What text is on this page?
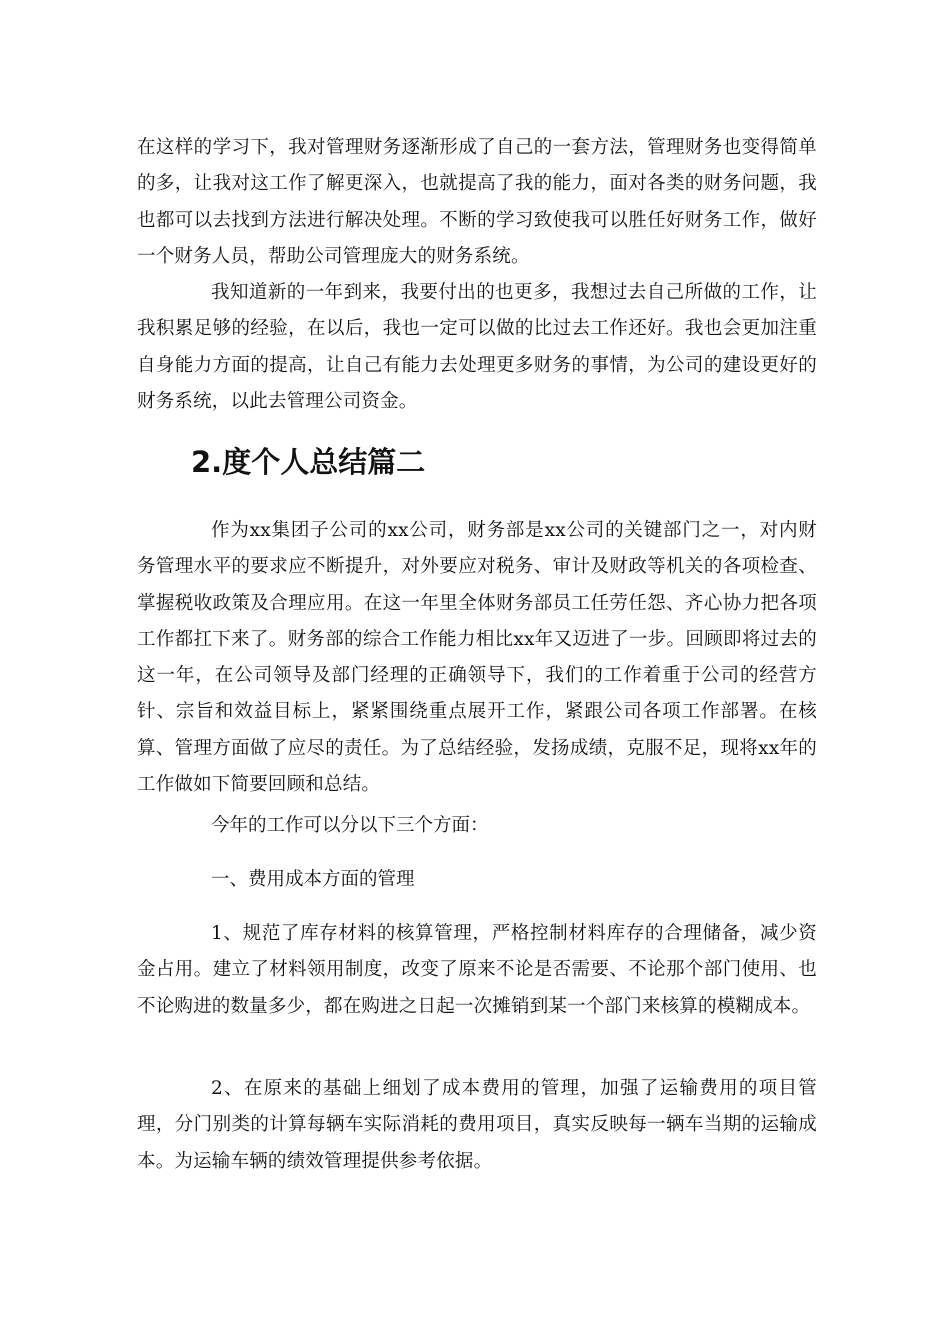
在这样的学习下，我对管理财务逐渐形成了自己的一套方法，管理财务也变得简单的多，让我对这工作了解更深入，也就提高了我的能力，面对各类的财务问题，我也都可以去找到方法进行解决处理。不断的学习致使我可以胜任好财务工作，做好一个财务人员，帮助公司管理庞大的财务系统。

我知道新的一年到来，我要付出的也更多，我想过去自己所做的工作，让我积累足够的经验，在以后，我也一定可以做的比过去工作还好。我也会更加注重自身能力方面的提高，让自己有能力去处理更多财务的事情，为公司的建设更好的财务系统，以此去管理公司资金。

2.度个人总结篇二

作为xx集团子公司的xx公司，财务部是xx公司的关键部门之一，对内财务管理水平的要求应不断提升，对外要应对税务、审计及财政等机关的各项检查、掌握税收政策及合理应用。在这一年里全体财务部员工任劳任怨、齐心协力把各项工作都扛下来了。财务部的综合工作能力相比xx年又迈进了一步。回顾即将过去的这一年，在公司领导及部门经理的正确领导下，我们的工作着重于公司的经营方针、宗旨和效益目标上，紧紧围绕重点展开工作，紧跟公司各项工作部署。在核算、管理方面做了应尽的责任。为了总结经验，发扬成绩，克服不足，现将xx年的工作做如下简要回顾和总结。

今年的工作可以分以下三个方面：

一、费用成本方面的管理

1、规范了库存材料的核算管理，严格控制材料库存的合理储备，减少资金占用。建立了材料领用制度，改变了原来不论是否需要、不论那个部门使用、也不论购进的数量多少，都在购进之日起一次摊销到某一个部门来核算的模糊成本。

2、在原来的基础上细划了成本费用的管理，加强了运输费用的项目管理，分门别类的计算每辆车实际消耗的费用项目，真实反映每一辆车当期的运输成本。为运输车辆的绩效管理提供参考依据。
